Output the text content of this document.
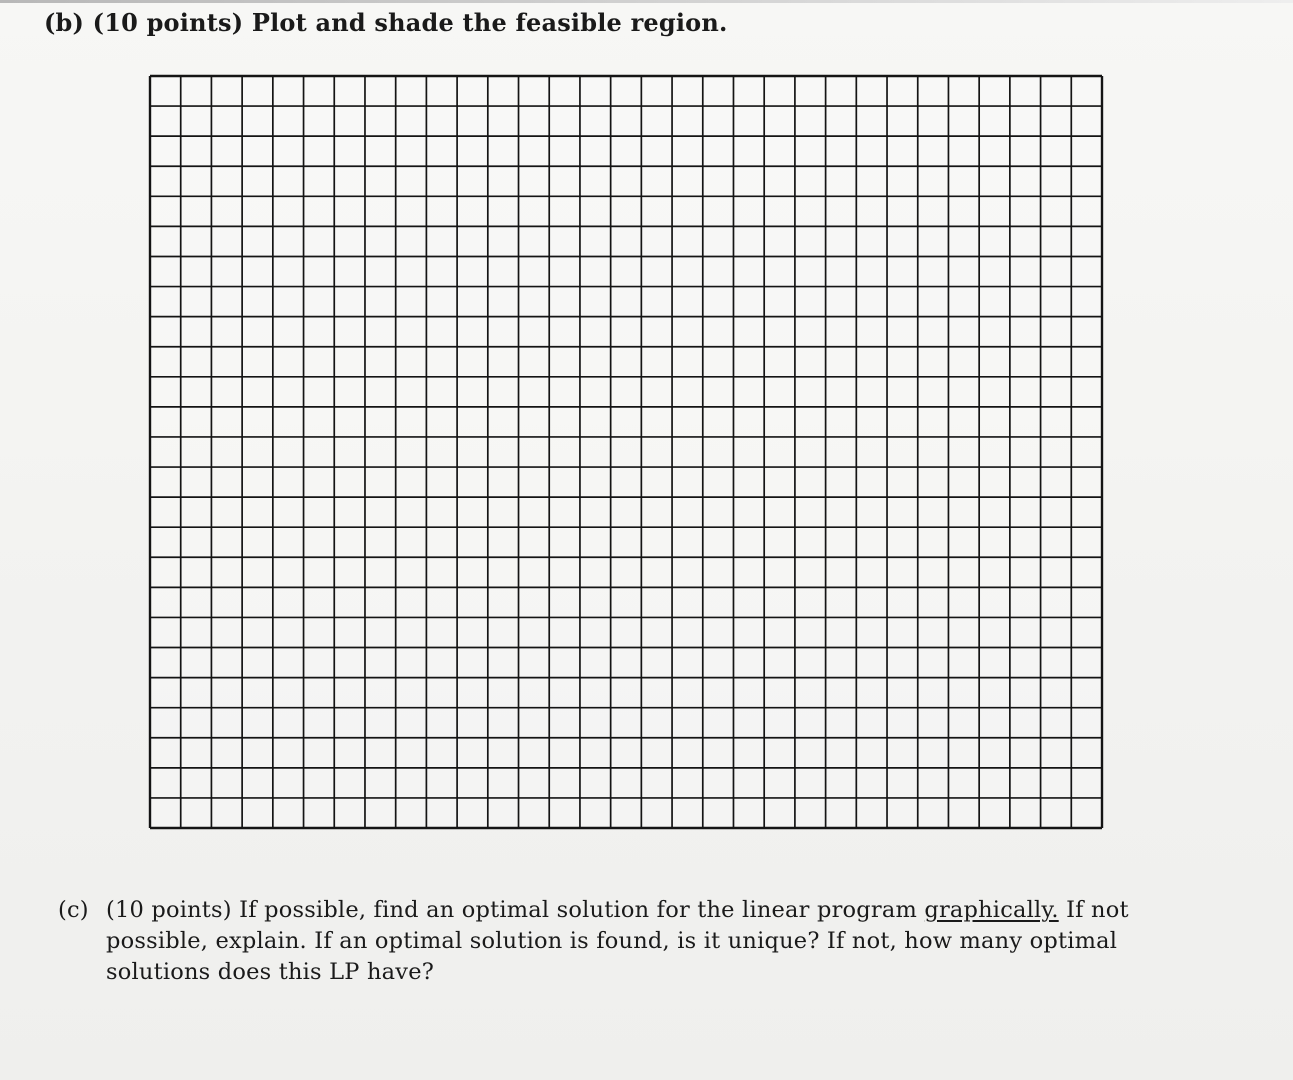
(b) (10 points) Plot and shade the feasible region.
(c) (10 points) If possible, find an optimal solution for the linear program graphically. If not
possible, explain. If an optimal solution is found, is it unique? If not, how many optimal
solutions does this LP have?
